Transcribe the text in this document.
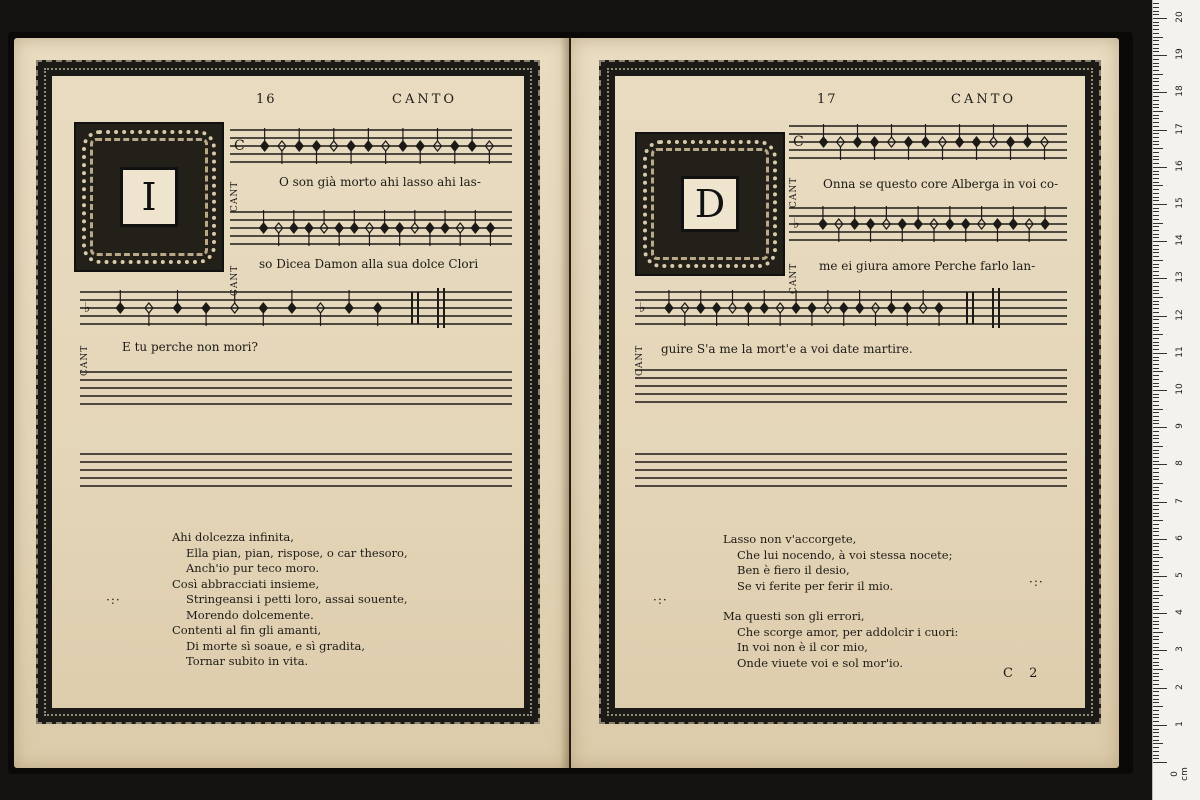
16	CANTO
I	CANT
C
O son già morto ahi lasso ahi las-
CANT
so Dicea Damon alla sua dolce Clori
CANT
♭
E tu perche non mori?
Ahi dolcezza infinita,
Ella pian, pian, rispose, o car thesoro,
Anch'io pur teco moro.
Così abbracciati insieme,
Stringeansi i petti loro, assai souente,
Morendo dolcemente.
Contenti al fin gli amanti,
Di morte sì soaue, e sì gradita,
Tornar subito in vita.
·:·
17	CANTO
D	CANT
C
Onna se questo core Alberga in voi co-
CANT
♭
me ei giura amore Perche farlo lan-
CANT
♭
guire S'a me la mort'e a voi date martire.
Lasso non v'accorgete,
Che lui nocendo, à voi stessa nocete;
Ben è fiero il desio,
Se vi ferite per ferir il mio.
Ma questi son gli errori,
Che scorge amor, per addolcir i cuori:
In voi non è il cor mio,
Onde viuete voi e sol mor'io.
·:·
·:·
C 2
1
2
3
4
5
6
7
8
9
10
11
12
13
14
15
16
17
18
19
20
0 cm
